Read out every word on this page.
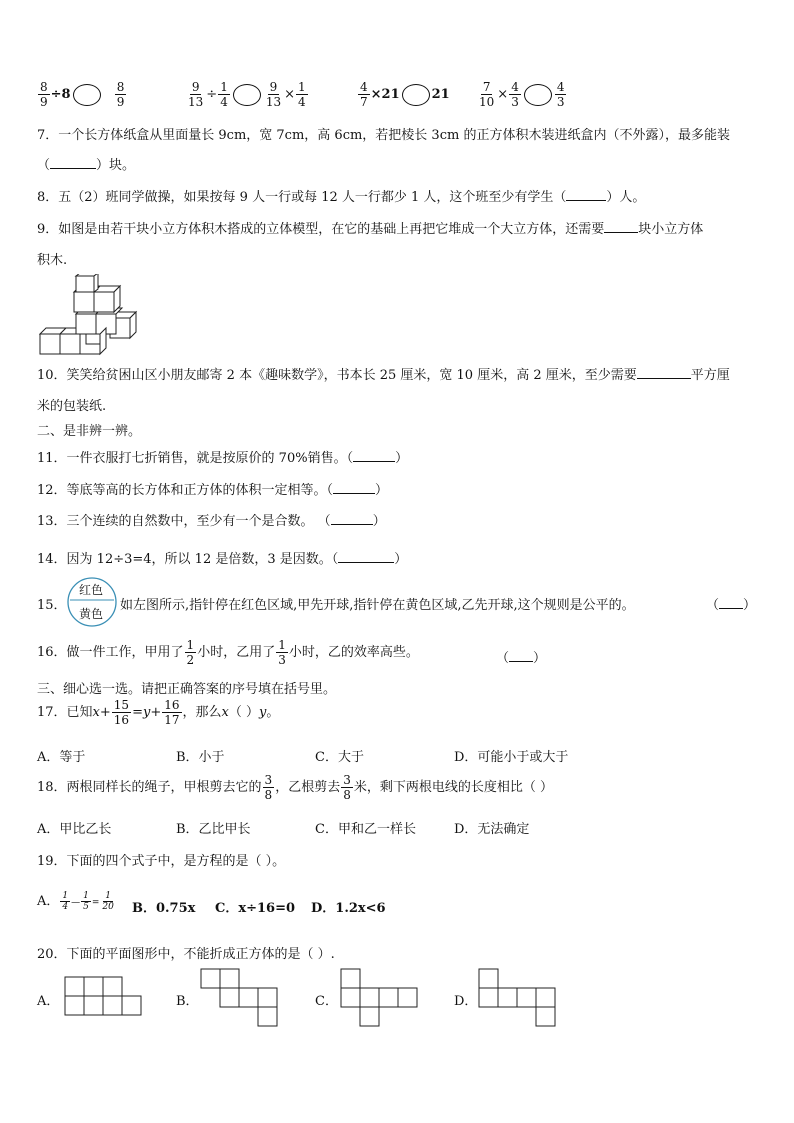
$\frac{8}{9} \div 8$	$\frac{8}{9}$	$\frac{9}{13} \div \frac{1}{4}$	$\frac{9}{13} \times \frac{1}{4}$	$\frac{4}{7} \times 21$ $21 \frac{7}{10} \times \frac{4}{3}$	$\frac{4}{3}$
7．一个长方体纸盒从里面量长 9cm，宽 7cm，高 6cm，若把棱长 3cm 的正方体积木装进纸盒内（不外露），最多能装
（	）块。
8．五（2）班同学做操，如果按每 9 人一行或每 12 人一行都少 1 人，这个班至少有学生（	）人。
9．如图是由若干块小立方体积木搭成的立体模型，在它的基础上再把它堆成一个大立方体，还需要	块小立方体
积木.
10．笑笑给贫困山区小朋友邮寄 2 本《趣味数学》，书本长 25 厘米，宽 10 厘米，高 2 厘米，至少需要	平方厘
米的包装纸.
二、是非辨一辨。
11．一件衣服打七折销售，就是按原价的 70%销售。（	）
12．等底等高的长方体和正方体的体积一定相等。（	）
13．三个连续的自然数中，至少有一个是合数。 （	）
14．因为 12÷3=4，所以 12 是倍数，3 是因数。（	）
15．
红色
黄色
如左图所示,指针停在红色区域,甲先开球,指针停在黄色区域,乙先开球,这个规则是公平的。	（ ）
16．做一件工作，甲用了 $\frac{1}{2}$ 小时，乙用了 $\frac{1}{3}$ 小时，乙的效率高些。	（ ）
三、细心选一选。请把正确答案的序号填在括号里。
17．已知$x+ \frac{15}{16} =y+ \frac{16}{17}$ ，那么x（ ）y。
A．等于	B．小于	C．大于	D．可能小于或大于
18．两根同样长的绳子，甲根剪去它的 $\frac{3}{8}$ ，乙根剪去 $\frac{3}{8}$ 米，剩下两根电线的长度相比（ ）
A．甲比乙长	B．乙比甲长	C．甲和乙一样长	D．无法确定
19．下面的四个式子中，是方程的是（ ）。
A． $\frac{1}{4}$ — $\frac{1}{5} = \frac{1}{20}$ B．0.75x C．x÷16=0 D．1.2x<6
20．下面的平面图形中，不能折成正方体的是（ ）.
A．	B．	C．	D．
